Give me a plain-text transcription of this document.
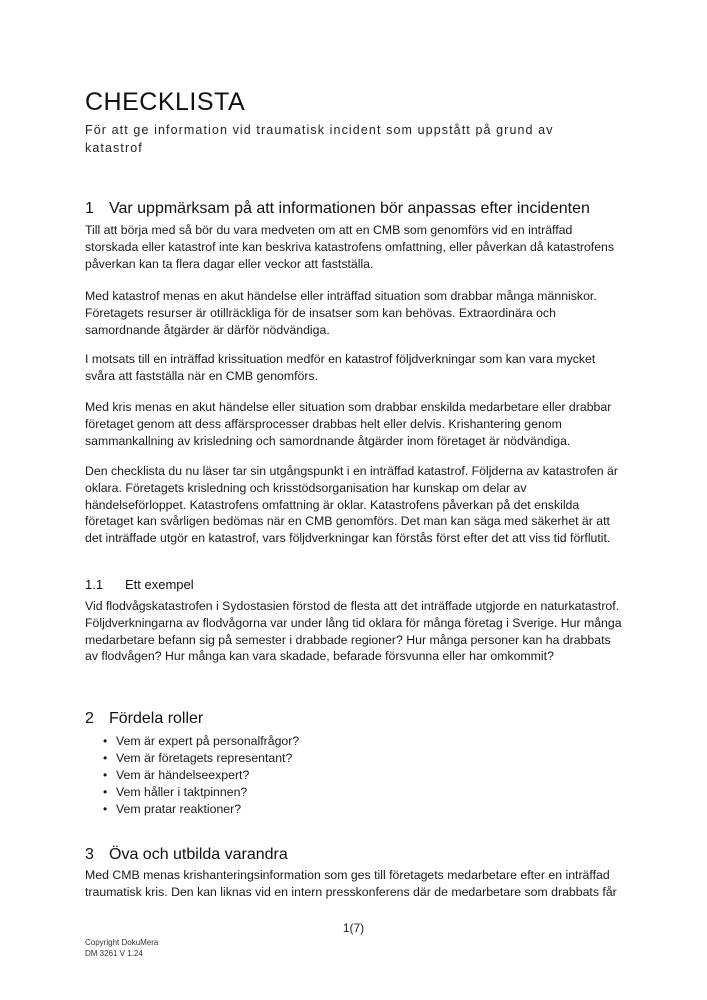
CHECKLISTA
För att ge information vid traumatisk incident som uppstått på grund av katastrof
1 Var uppmärksam på att informationen bör anpassas efter incidenten
Till att börja med så bör du vara medveten om att en CMB som genomförs vid en inträffad storskada eller katastrof inte kan beskriva katastrofens omfattning, eller påverkan då katastrofens påverkan kan ta flera dagar eller veckor att fastställa.
Med katastrof menas en akut händelse eller inträffad situation som drabbar många människor. Företagets resurser är otillräckliga för de insatser som kan behövas. Extraordinära och samordnande åtgärder är därför nödvändiga.
I motsats till en inträffad krissituation medför en katastrof följdverkningar som kan vara mycket svåra att fastställa när en CMB genomförs.
Med kris menas en akut händelse eller situation som drabbar enskilda medarbetare eller drabbar företaget genom att dess affärsprocesser drabbas helt eller delvis. Krishantering genom sammankallning av krisledning och samordnande åtgärder inom företaget är nödvändiga.
Den checklista du nu läser tar sin utgångspunkt i en inträffad katastrof. Följderna av katastrofen är oklara. Företagets krisledning och krisstödsorganisation har kunskap om delar av händelseförloppet. Katastrofens omfattning är oklar. Katastrofens påverkan på det enskilda företaget kan svårligen bedömas när en CMB genomförs. Det man kan säga med säkerhet är att det inträffade utgör en katastrof, vars följdverkningar kan förstås först efter det att viss tid förflutit.
1.1 Ett exempel
Vid flodvågskatastrofen i Sydostasien förstod de flesta att det inträffade utgjorde en naturkatastrof. Följdverkningarna av flodvågorna var under lång tid oklara för många företag i Sverige. Hur många medarbetare befann sig på semester i drabbade regioner? Hur många personer kan ha drabbats av flodvågen? Hur många kan vara skadade, befarade försvunna eller har omkommit?
2 Fördela roller
• Vem är expert på personalfrågor?
• Vem är företagets representant?
• Vem är händelseexpert?
• Vem håller i taktpinnen?
• Vem pratar reaktioner?
3 Öva och utbilda varandra
Med CMB menas krishanteringsinformation som ges till företagets medarbetare efter en inträffad traumatisk kris. Den kan liknas vid en intern presskonferens där de medarbetare som drabbats får
1(7)
Copyright DokuMera
DM 3261 V 1.24
